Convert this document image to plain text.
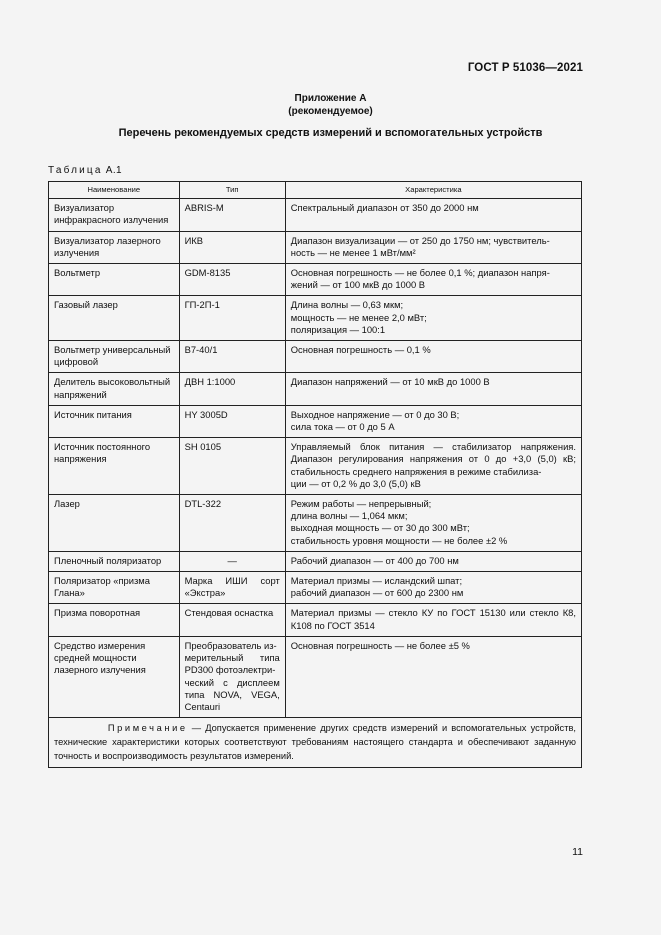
ГОСТ Р 51036—2021
Приложение А
(рекомендуемое)
Перечень рекомендуемых средств измерений и вспомогательных устройств
Таблица А.1
Наименование	Тип	Характеристика
Визуализатор инфракрасного излучения	ABRIS-M	Спектральный диапазон от 350 до 2000 нм
Визуализатор лазерного излучения	ИКВ	Диапазон визуализации — от 250 до 1750 нм; чувствитель-
ность — не менее 1 мВт/мм²
Вольтметр	GDM-8135	Основная погрешность — не более 0,1 %; диапазон напря-
жений — от 100 мкВ до 1000 В
Газовый лазер	ГП-2П-1	Длина волны — 0,63 мкм;
мощность — не менее 2,0 мВт;
поляризация — 100:1
Вольтметр универсальный цифровой	В7-40/1	Основная погрешность — 0,1 %
Делитель высоковольтный напряжений	ДВН 1:1000	Диапазон напряжений — от 10 мкВ до 1000 В
Источник питания	HY 3005D	Выходное напряжение — от 0 до 30 В;
сила тока — от 0 до 5 А
Источник постоянного напряжения	SH 0105	Управляемый блок питания — стабилизатор напряжения. Диапазон регулирования напряжения от 0 до +3,0 (5,0) кВ; стабильность среднего напряжения в режиме стабилиза-
ции — от 0,2 % до 3,0 (5,0) кВ
Лазер	DTL-322	Режим работы — непрерывный;
длина волны — 1,064 мкм;
выходная мощность — от 30 до 300 мВт;
стабильность уровня мощности — не более ±2 %
Пленочный поляризатор	—	Рабочий диапазон — от 400 до 700 нм
Поляризатор «призма Глана»	Марка ИШИ сорт «Экстра»	Материал призмы — исландский шпат;
рабочий диапазон — от 600 до 2300 нм
Призма поворотная	Стендовая оснастка	Материал призмы — стекло КУ по ГОСТ 15130 или стекло К8, К108 по ГОСТ 3514
Средство измерения средней мощности лазерного излучения	Преобразователь из-
мерительный типа PD300 фотоэлектри-
ческий с дисплеем типа NOVA, VEGA, Centauri	Основная погрешность — не более ±5 %
Примечание — Допускается применение других средств измерений и вспомогательных устройств, технические характеристики которых соответствуют требованиям настоящего стандарта и обеспечивают заданную точность и воспроизводимость результатов измерений.		
11
